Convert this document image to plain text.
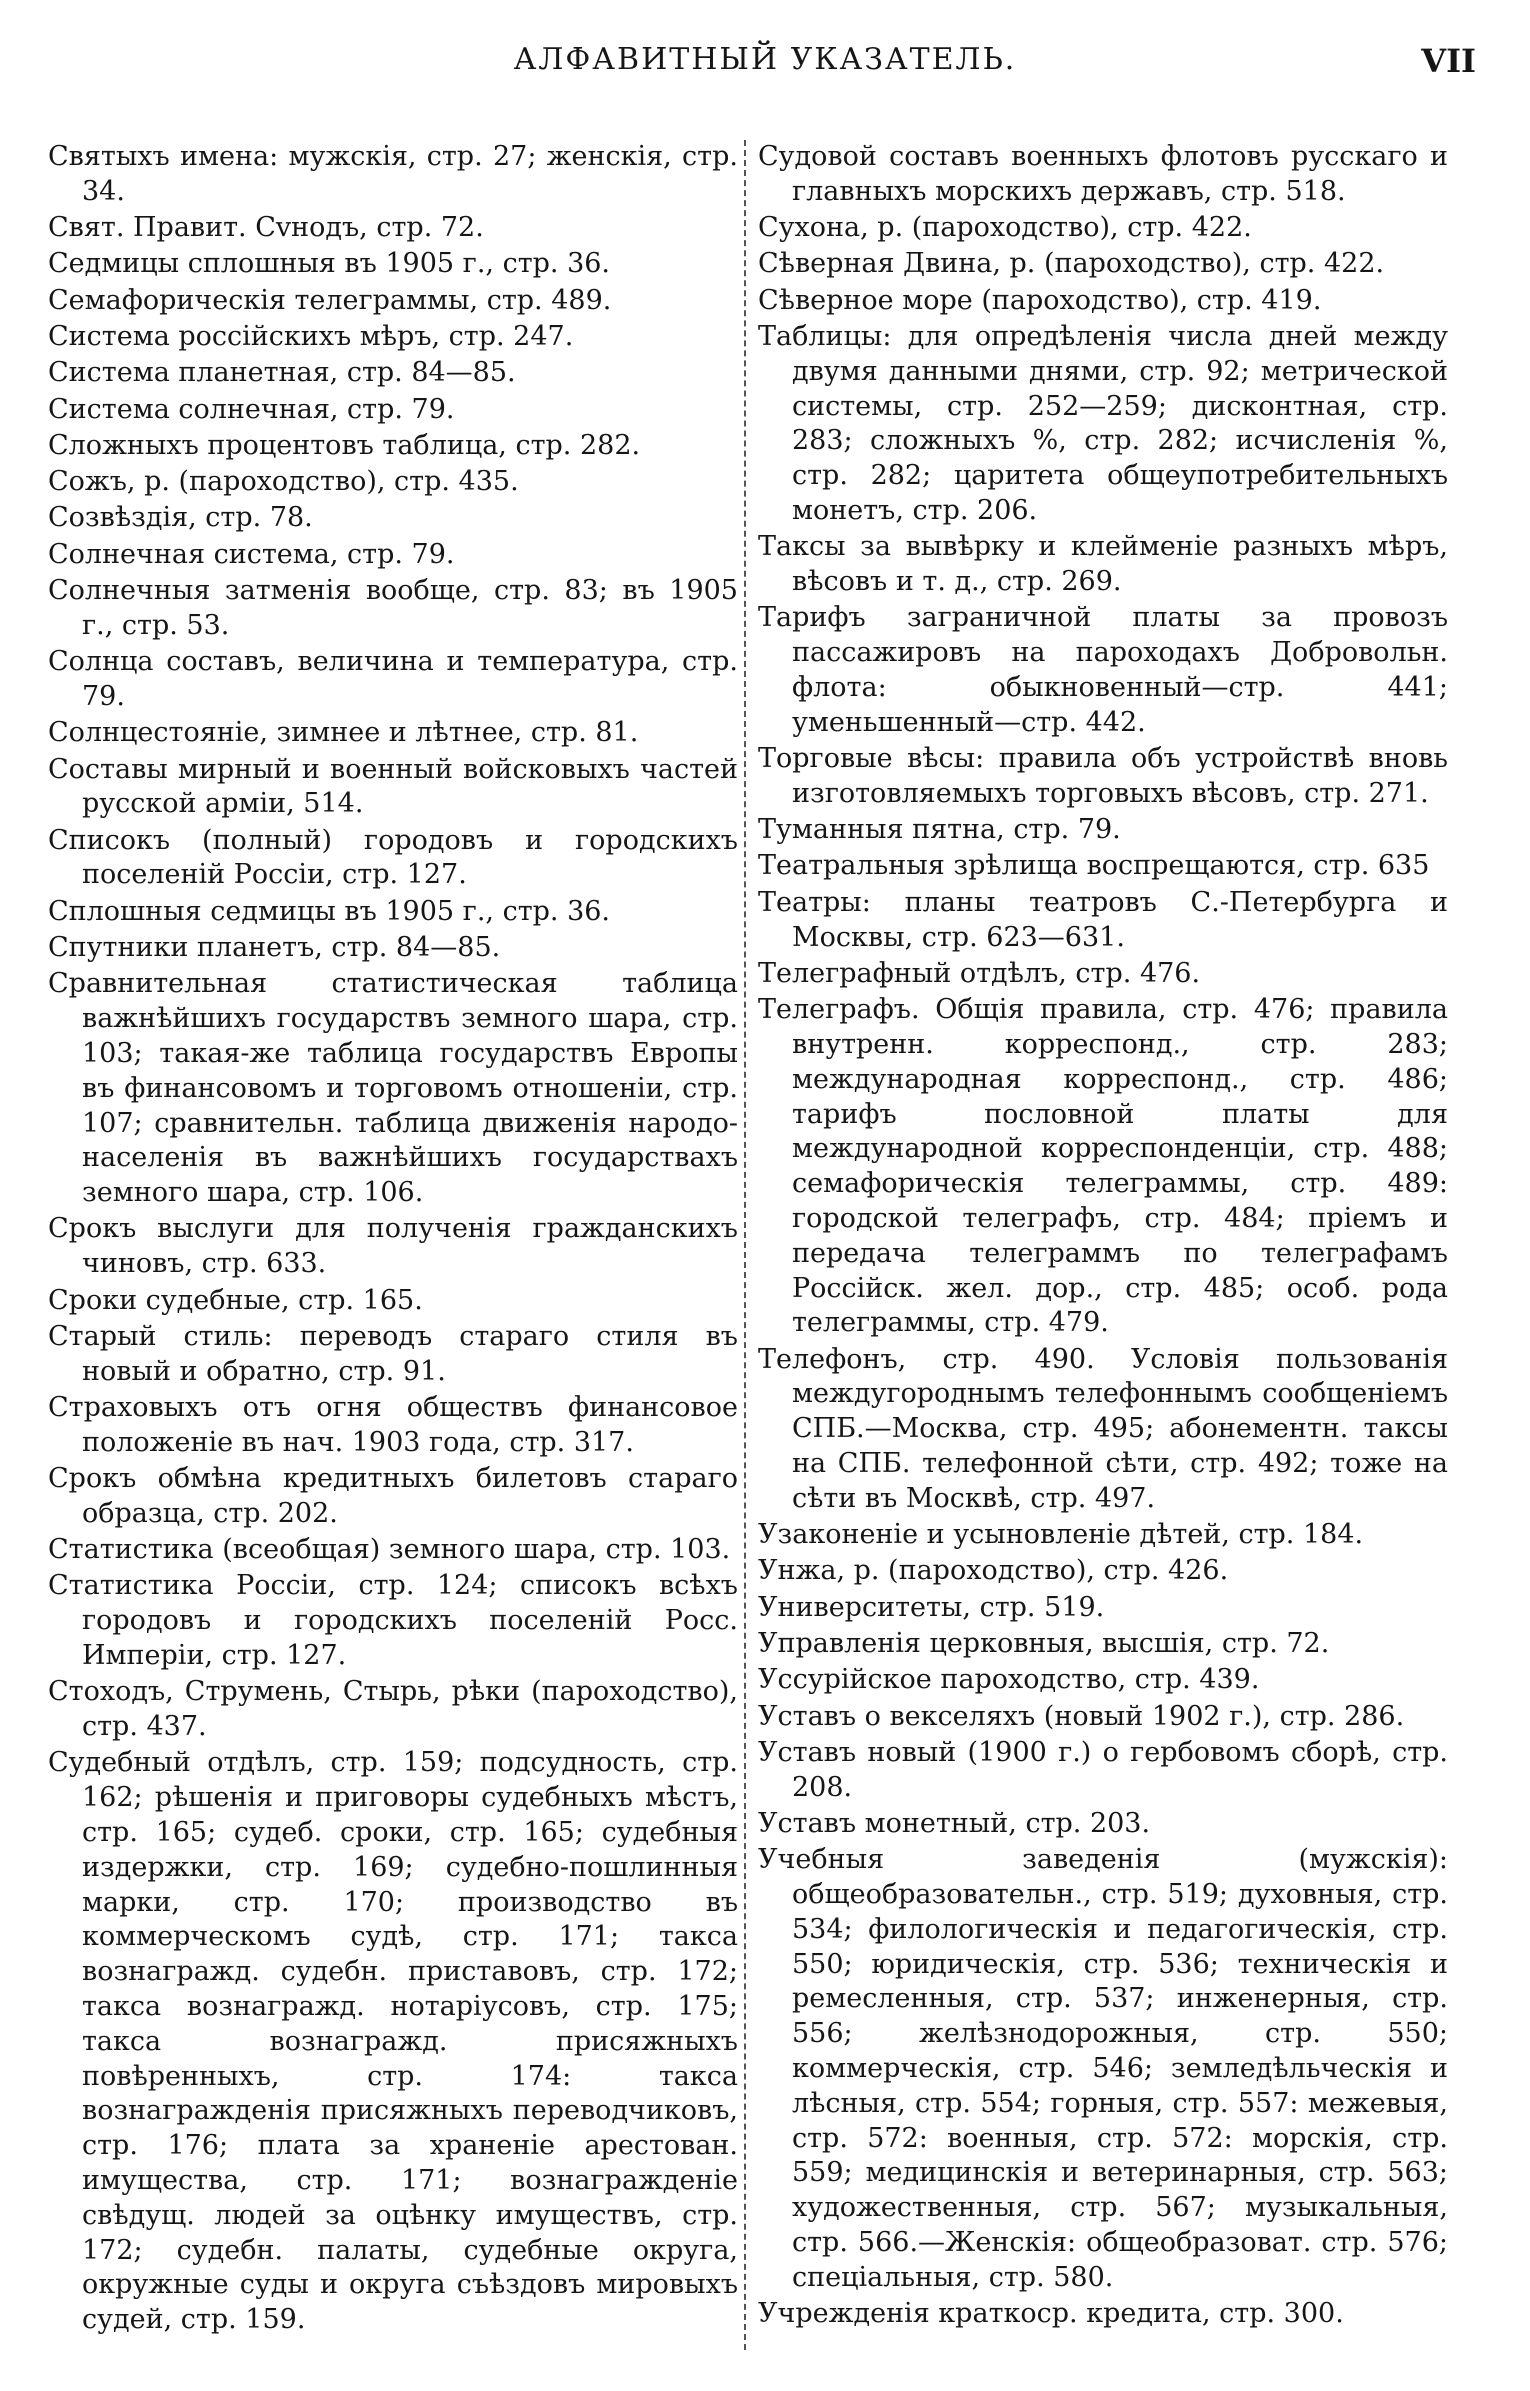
АЛФАВИТНЫЙ УКАЗАТЕЛЬ.	VII

Святыхъ имена: мужскія, стр. 27; женскія, стр. 34.

Свят. Правит. Сvнодъ, стр. 72.

Седмицы сплошныя въ 1905 г., стр. 36.

Семафорическія телеграммы, стр. 489.

Система россійскихъ мѣръ, стр. 247.

Система планетная, стр. 84—85.

Система солнечная, стр. 79.

Сложныхъ процентовъ таблица, стр. 282.

Сожъ, р. (пароходство), стр. 435.

Созвѣздія, стр. 78.

Солнечная система, стр. 79.

Солнечныя затменія вообще, стр. 83; въ 1905 г., стр. 53.

Солнца составъ, величина и температура, стр. 79.

Солнцестояніе, зимнее и лѣтнее, стр. 81.

Составы мирный и военный войсковыхъ частей русской арміи, 514.

Списокъ (полный) городовъ и городскихъ поселеній Россіи, стр. 127.

Сплошныя седмицы въ 1905 г., стр. 36.

Спутники планетъ, стр. 84—85.

Сравнительная статистическая таблица важнѣйшихъ государствъ земного шара, стр. 103; такая-же таблица государствъ Европы въ финансовомъ и торговомъ отношеніи, стр. 107; сравнительн. таблица движенія народо-населенія въ важнѣйшихъ государствахъ земного шара, стр. 106.

Срокъ выслуги для полученія гражданскихъ чиновъ, стр. 633.

Сроки судебные, стр. 165.

Старый стиль: переводъ стараго стиля въ новый и обратно, стр. 91.

Страховыхъ отъ огня обществъ финансовое положеніе въ нач. 1903 года, стр. 317.

Срокъ обмѣна кредитныхъ билетовъ стараго образца, стр. 202.

Статистика (всеобщая) земного шара, стр. 103.

Статистика Россіи, стр. 124; списокъ всѣхъ городовъ и городскихъ поселеній Росс. Имперіи, стр. 127.

Стоходъ, Струмень, Стырь, рѣки (пароходство), стр. 437.

Судебный отдѣлъ, стр. 159; подсудность, стр. 162; рѣшенія и приговоры судебныхъ мѣстъ, стр. 165; судеб. сроки, стр. 165; судебныя издержки, стр. 169; судебно-пошлинныя марки, стр. 170; производство въ коммерческомъ судѣ, стр. 171; такса вознагражд. судебн. приставовъ, стр. 172; такса вознагражд. нотаріусовъ, стр. 175; такса вознагражд. присяжныхъ повѣренныхъ, стр. 174: такса вознагражденія присяжныхъ переводчиковъ, стр. 176; плата за храненіе арестован. имущества, стр. 171; вознагражденіе свѣдущ. людей за оцѣнку имуществъ, стр. 172; судебн. палаты, судебные округа, окружные суды и округа съѣздовъ мировыхъ судей, стр. 159.

Судовой составъ военныхъ флотовъ русскаго и главныхъ морскихъ державъ, стр. 518.

Сухона, р. (пароходство), стр. 422.

Сѣверная Двина, р. (пароходство), стр. 422.

Сѣверное море (пароходство), стр. 419.

Таблицы: для опредѣленія числа дней между двумя данными днями, стр. 92; метрической системы, стр. 252—259; дисконтная, стр. 283; сложныхъ %, стр. 282; исчисленія %, стр. 282; царитета общеупотребительныхъ монетъ, стр. 206.

Таксы за вывѣрку и клейменіе разныхъ мѣръ, вѣсовъ и т. д., стр. 269.

Тарифъ заграничной платы за провозъ пассажировъ на пароходахъ Добровольн. флота: обыкновенный—стр. 441; уменьшенный—стр. 442.

Торговые вѣсы: правила объ устройствѣ вновь изготовляемыхъ торговыхъ вѣсовъ, стр. 271.

Туманныя пятна, стр. 79.

Театральныя зрѣлища воспрещаются, стр. 635

Театры: планы театровъ С.-Петербурга и Москвы, стр. 623—631.

Телеграфный отдѣлъ, стр. 476.

Телеграфъ. Общія правила, стр. 476; правила внутренн. корреспонд., стр. 283; международная корреспонд., стр. 486; тарифъ пословной платы для международной корреспонденціи, стр. 488; семафорическія телеграммы, стр. 489: городской телеграфъ, стр. 484; пріемъ и передача телеграммъ по телеграфамъ Россійск. жел. дор., стр. 485; особ. рода телеграммы, стр. 479.

Телефонъ, стр. 490. Условія пользованія междугороднымъ телефоннымъ сообщеніемъ СПБ.—Москва, стр. 495; абонементн. таксы на СПБ. телефонной сѣти, стр. 492; тоже на сѣти въ Москвѣ, стр. 497.

Узаконеніе и усыновленіе дѣтей, стр. 184.

Унжа, р. (пароходство), стр. 426.

Университеты, стр. 519.

Управленія церковныя, высшія, стр. 72.

Уссурійское пароходство, стр. 439.

Уставъ о векселяхъ (новый 1902 г.), стр. 286.

Уставъ новый (1900 г.) о гербовомъ сборѣ, стр. 208.

Уставъ монетный, стр. 203.

Учебныя заведенія (мужскія): общеобразовательн., стр. 519; духовныя, стр. 534; филологическія и педагогическія, стр. 550; юридическія, стр. 536; техническія и ремесленныя, стр. 537; инженерныя, стр. 556; желѣзнодорожныя, стр. 550; коммерческія, стр. 546; земледѣльческія и лѣсныя, стр. 554; горныя, стр. 557: межевыя, стр. 572: военныя, стр. 572: морскія, стр. 559; медицинскія и ветеринарныя, стр. 563; художественныя, стр. 567; музыкальныя, стр. 566.—Женскія: общеобразоват. стр. 576; спеціальныя, стр. 580.

Учрежденія краткоср. кредита, стр. 300.
